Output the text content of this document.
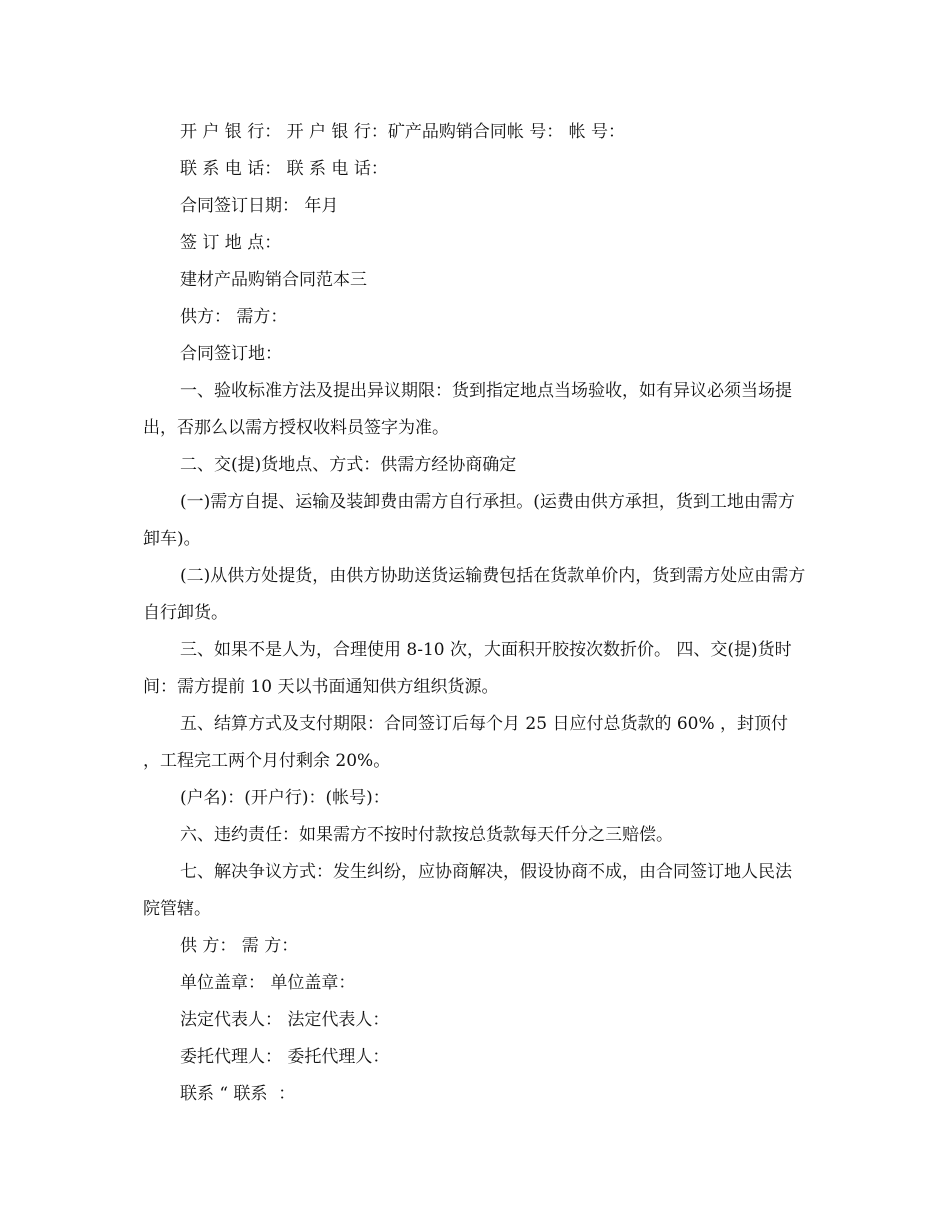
开 户 银 行： 开 户 银 行：矿产品购销合同帐 号： 帐 号：

联 系 电 话： 联 系 电 话：

合同签订日期： 年月

签 订 地 点：

建材产品购销合同范本三

供方： 需方：

合同签订地：

一、验收标准方法及提出异议期限：货到指定地点当场验收，如有异议必须当场提出，否那么以需方授权收料员签字为准。

二、交(提)货地点、方式：供需方经协商确定

(一)需方自提、运输及装卸费由需方自行承担。(运费由供方承担，货到工地由需方卸车)。

(二)从供方处提货，由供方协助送货运输费包括在货款单价内，货到需方处应由需方自行卸货。

三、如果不是人为，合理使用 8-10 次，大面积开胶按次数折价。 四、交(提)货时间：需方提前 10 天以书面通知供方组织货源。

五、结算方式及支付期限：合同签订后每个月 25 日应付总货款的 60% ，封顶付 ，工程完工两个月付剩余 20%。

(户名)：(开户行)：(帐号)：

六、违约责任：如果需方不按时付款按总货款每天仟分之三赔偿。

七、解决争议方式：发生纠纷，应协商解决，假设协商不成，由合同签订地人民法院管辖。

供 方： 需 方：

单位盖章： 单位盖章：

法定代表人： 法定代表人：

委托代理人： 委托代理人：

联系 “ 联系  ：
